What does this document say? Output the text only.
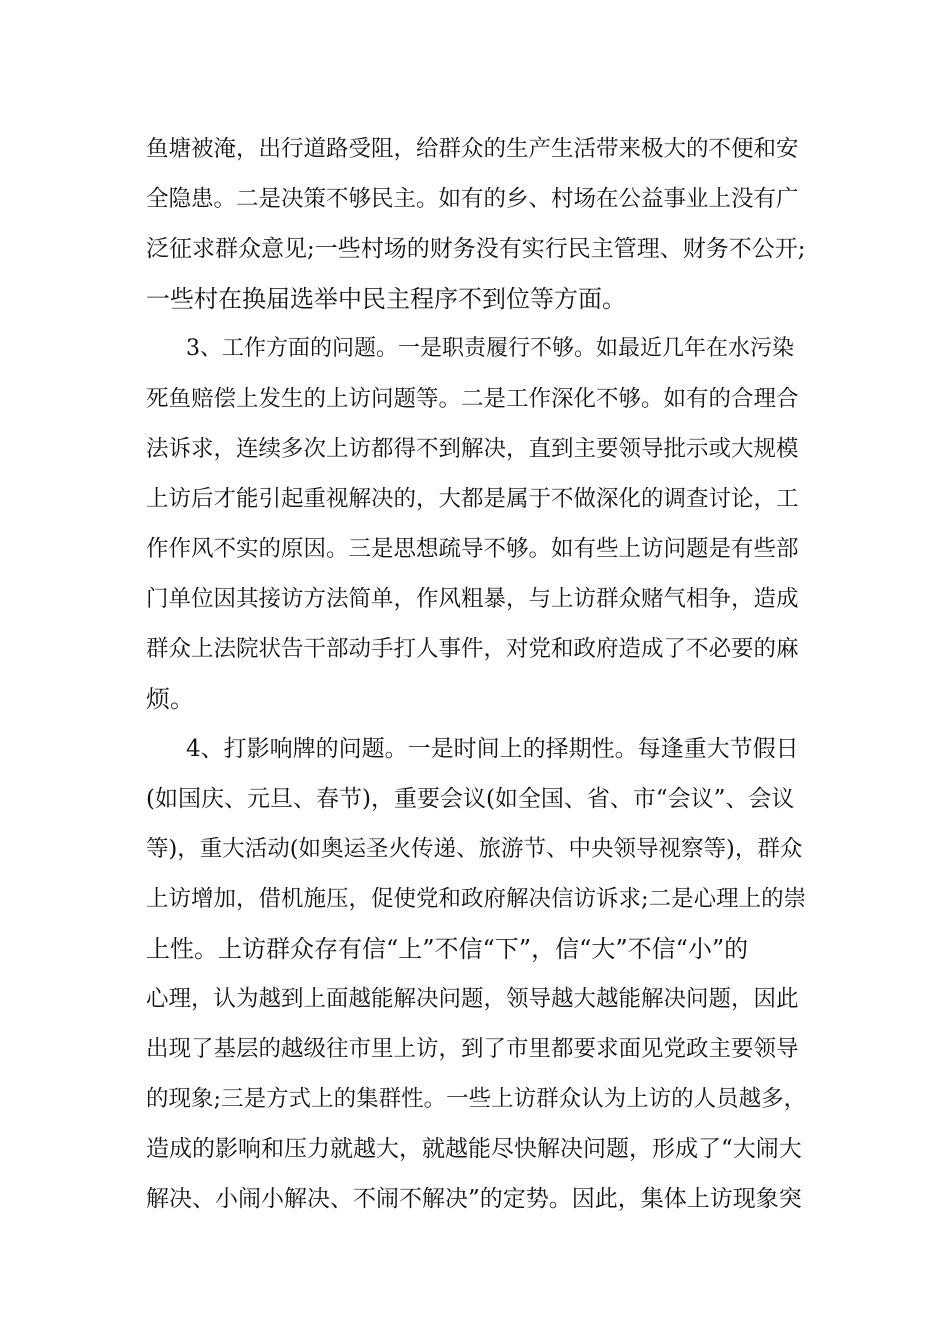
鱼塘被淹，出行道路受阻，给群众的生产生活带来极大的不便和安
全隐患。二是决策不够民主。如有的乡、村场在公益事业上没有广
泛征求群众意见;一些村场的财务没有实行民主管理、财务不公开;
一些村在换届选举中民主程序不到位等方面。
3、工作方面的问题。一是职责履行不够。如最近几年在水污染
死鱼赔偿上发生的上访问题等。二是工作深化不够。如有的合理合
法诉求，连续多次上访都得不到解决，直到主要领导批示或大规模
上访后才能引起重视解决的，大都是属于不做深化的调查讨论，工
作作风不实的原因。三是思想疏导不够。如有些上访问题是有些部
门单位因其接访方法简单，作风粗暴，与上访群众赌气相争，造成
群众上法院状告干部动手打人事件，对党和政府造成了不必要的麻
烦。
4、打影响牌的问题。一是时间上的择期性。每逢重大节假日
(如国庆、元旦、春节)，重要会议(如全国、省、市“会议”、会议
等)，重大活动(如奥运圣火传递、旅游节、中央领导视察等)，群众
上访增加，借机施压，促使党和政府解决信访诉求;二是心理上的崇
上性。上访群众存有信“上”不信“下”，信“大”不信“小”的
心理，认为越到上面越能解决问题，领导越大越能解决问题，因此
出现了基层的越级往市里上访，到了市里都要求面见党政主要领导
的现象;三是方式上的集群性。一些上访群众认为上访的人员越多，
造成的影响和压力就越大，就越能尽快解决问题，形成了“大闹大
解决、小闹小解决、不闹不解决”的定势。因此，集体上访现象突
